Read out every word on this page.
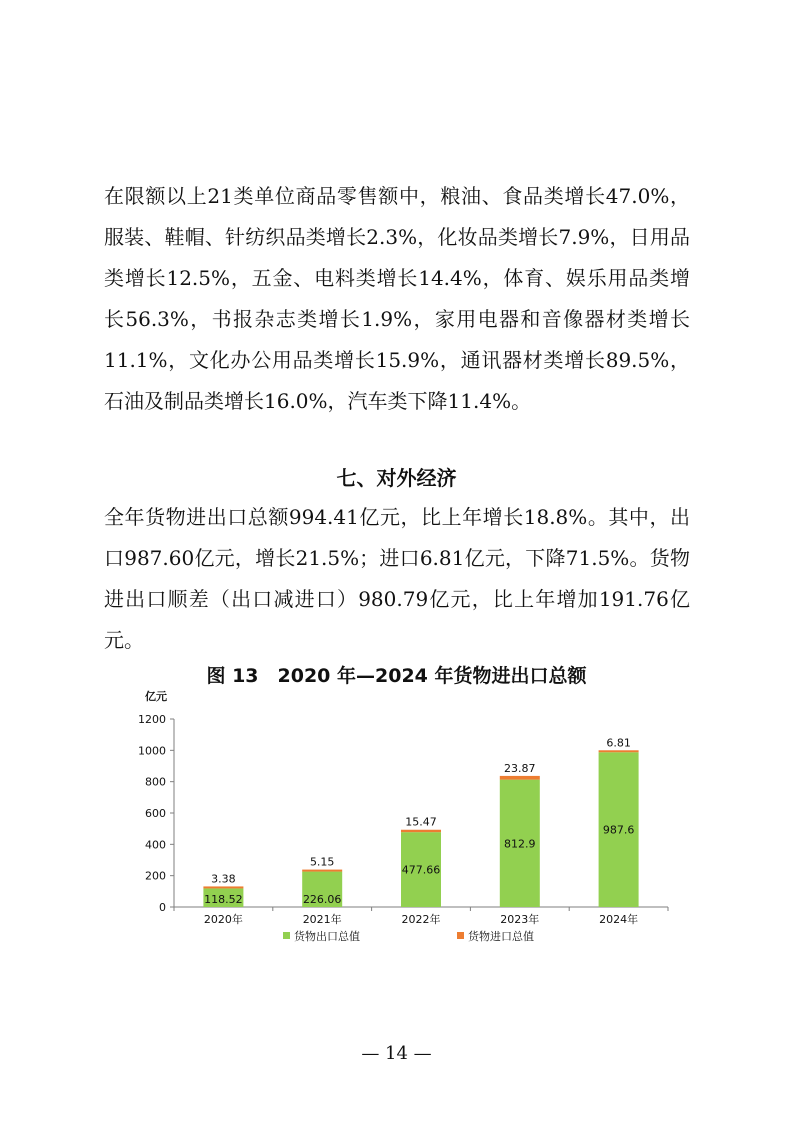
在限额以上21类单位商品零售额中，粮油、食品类增长47.0%，服装、鞋帽、针纺织品类增长2.3%，化妆品类增长7.9%，日用品类增长12.5%，五金、电料类增长14.4%，体育、娱乐用品类增长56.3%，书报杂志类增长1.9%，家用电器和音像器材类增长11.1%，文化办公用品类增长15.9%，通讯器材类增长89.5%，石油及制品类增长16.0%，汽车类下降11.4%。

七、对外经济

全年货物进出口总额994.41亿元，比上年增长18.8%。其中，出口987.60亿元，增长21.5%；进口6.81亿元，下降71.5%。货物进出口顺差（出口减进口）980.79亿元，比上年增加191.76亿元。

图 13　2020 年—2024 年货物进出口总额
亿元
0
200
400
600
800
1000
1200
118.52
3.38
2020年
226.06
5.15
2021年
477.66
15.47
2022年
812.9
23.87
2023年
987.6
6.81
2024年
货物出口总值	货物进口总值
— 14 —
